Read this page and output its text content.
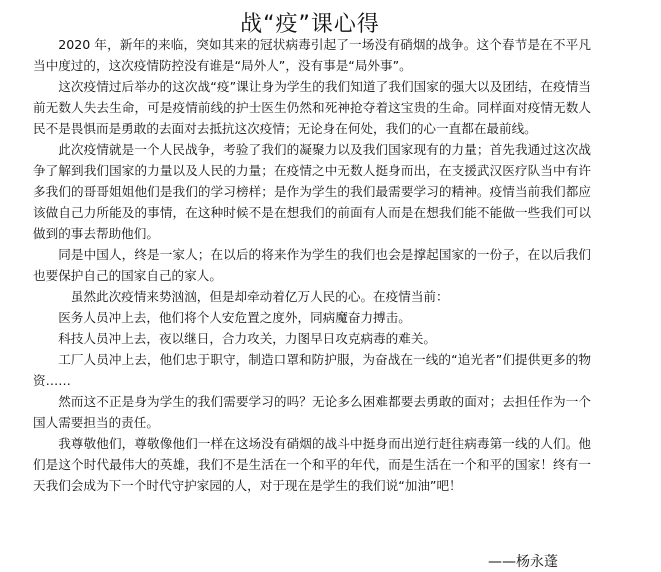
战“疫”课心得

2020 年，新年的来临，突如其来的冠状病毒引起了一场没有硝烟的战争。这个春节是在不平凡当中度过的，这次疫情防控没有谁是“局外人”，没有事是“局外事”。

这次疫情过后举办的这次战“疫”课让身为学生的我们知道了我们国家的强大以及团结，在疫情当前无数人失去生命，可是疫情前线的护士医生仍然和死神抢夺着这宝贵的生命。同样面对疫情无数人民不是畏惧而是勇敢的去面对去抵抗这次疫情；无论身在何处，我们的心一直都在最前线。

此次疫情就是一个人民战争，考验了我们的凝聚力以及我们国家现有的力量；首先我通过这次战争了解到我们国家的力量以及人民的力量；在疫情之中无数人挺身而出，在支援武汉医疗队当中有许多我们的哥哥姐姐他们是我们的学习榜样；是作为学生的我们最需要学习的精神。疫情当前我们都应该做自己力所能及的事情，在这种时候不是在想我们的前面有人而是在想我们能不能做一些我们可以做到的事去帮助他们。

同是中国人，终是一家人；在以后的将来作为学生的我们也会是撑起国家的一份子，在以后我们也要保护自己的国家自己的家人。

虽然此次疫情来势汹汹，但是却牵动着亿万人民的心。在疫情当前：

医务人员冲上去，他们将个人安危置之度外，同病魔奋力搏击。

科技人员冲上去，夜以继日，合力攻关，力图早日攻克病毒的难关。

工厂人员冲上去，他们忠于职守，制造口罩和防护服，为奋战在一线的“追光者”们提供更多的物资……

然而这不正是身为学生的我们需要学习的吗？无论多么困难都要去勇敢的面对；去担任作为一个国人需要担当的责任。

我尊敬他们，尊敬像他们一样在这场没有硝烟的战斗中挺身而出逆行赶往病毒第一线的人们。他们是这个时代最伟大的英雄，我们不是生活在一个和平的年代，而是生活在一个和平的国家！终有一天我们会成为下一个时代守护家园的人，对于现在是学生的我们说“加油”吧！

——杨永蓬
